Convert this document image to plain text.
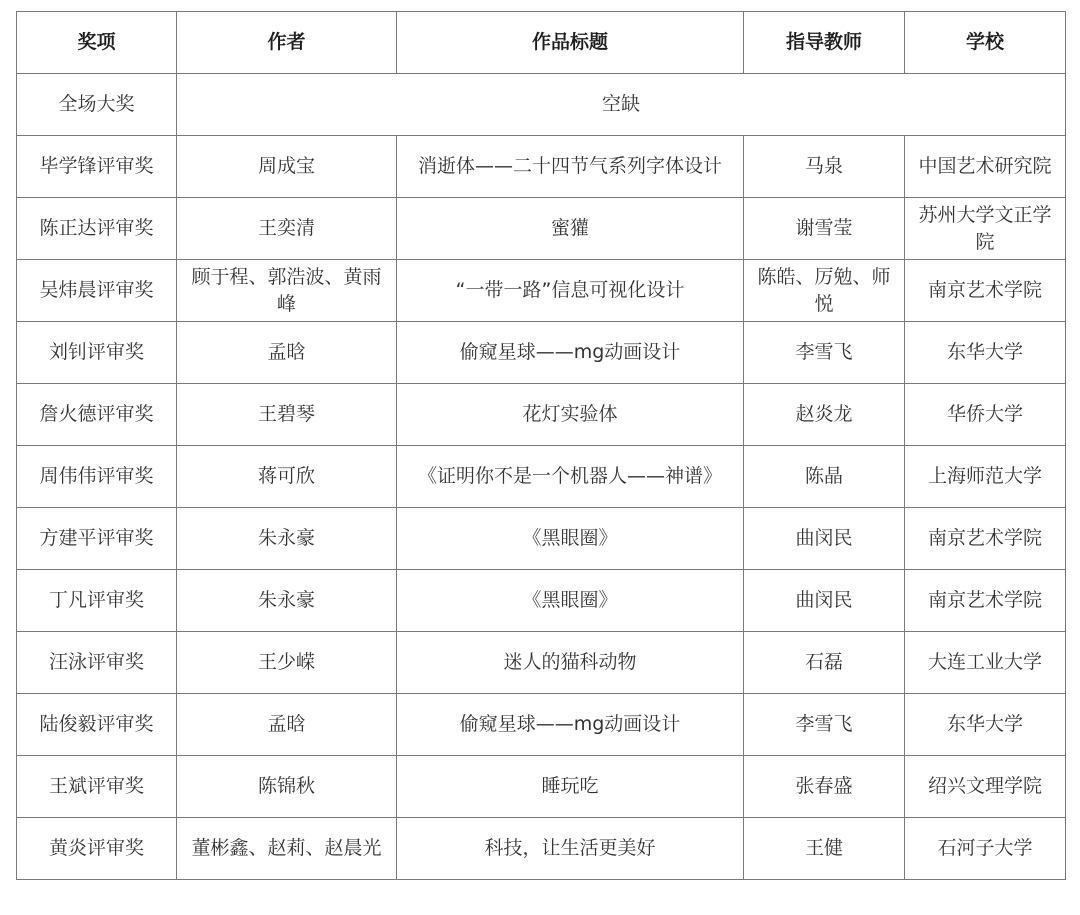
奖项	作者	作品标题	指导教师	学校
全场大奖	空缺			
毕学锋评审奖	周成宝	消逝体——二十四节气系列字体设计	马泉	中国艺术研究院
陈正达评审奖	王奕清	蜜獾	谢雪莹	苏州大学文正学院
吴炜晨评审奖	顾于程、郭浩波、黄雨峰	“一带一路”信息可视化设计	陈皓、厉勉、师悦	南京艺术学院
刘钊评审奖	孟晗	偷窥星球——mg动画设计	李雪飞	东华大学
詹火德评审奖	王碧琴	花灯实验体	赵炎龙	华侨大学
周伟伟评审奖	蒋可欣	《证明你不是一个机器人——神谱》	陈晶	上海师范大学
方建平评审奖	朱永豪	《黑眼圈》	曲闵民	南京艺术学院
丁凡评审奖	朱永豪	《黑眼圈》	曲闵民	南京艺术学院
汪泳评审奖	王少嵘	迷人的猫科动物	石磊	大连工业大学
陆俊毅评审奖	孟晗	偷窥星球——mg动画设计	李雪飞	东华大学
王斌评审奖	陈锦秋	睡玩吃	张春盛	绍兴文理学院
黄炎评审奖	董彬鑫、赵莉、赵晨光	科技，让生活更美好	王健	石河子大学
